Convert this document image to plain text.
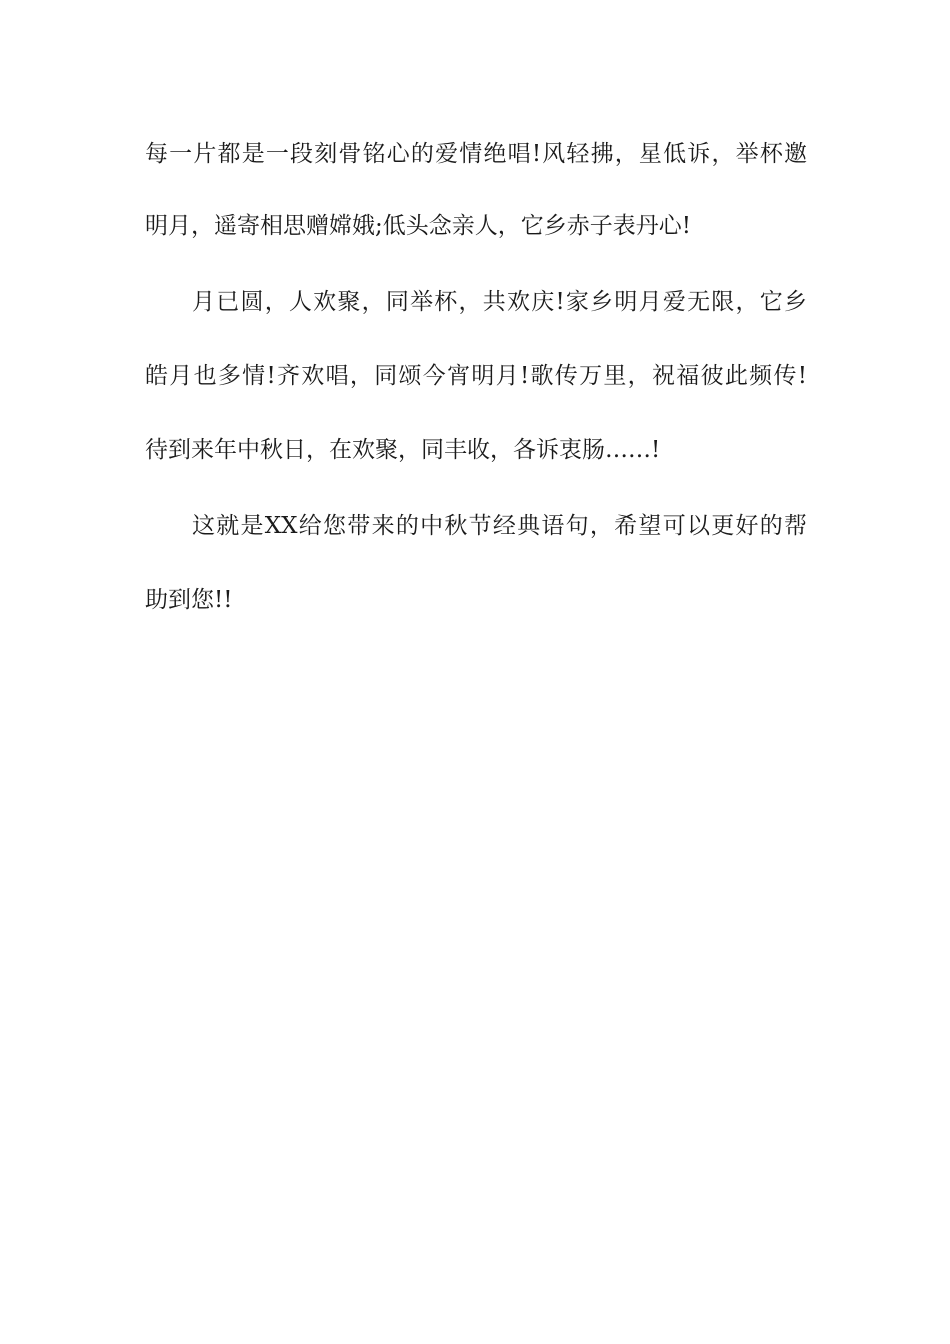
每一片都是一段刻骨铭心的爱情绝唱!风轻拂，星低诉，举杯邀
明月，遥寄相思赠嫦娥;低头念亲人，它乡赤子表丹心!
月已圆，人欢聚，同举杯，共欢庆!家乡明月爱无限，它乡
皓月也多情!齐欢唱，同颂今宵明月!歌传万里，祝福彼此频传!
待到来年中秋日，在欢聚，同丰收，各诉衷肠……!
这就是XX给您带来的中秋节经典语句，希望可以更好的帮
助到您!!
